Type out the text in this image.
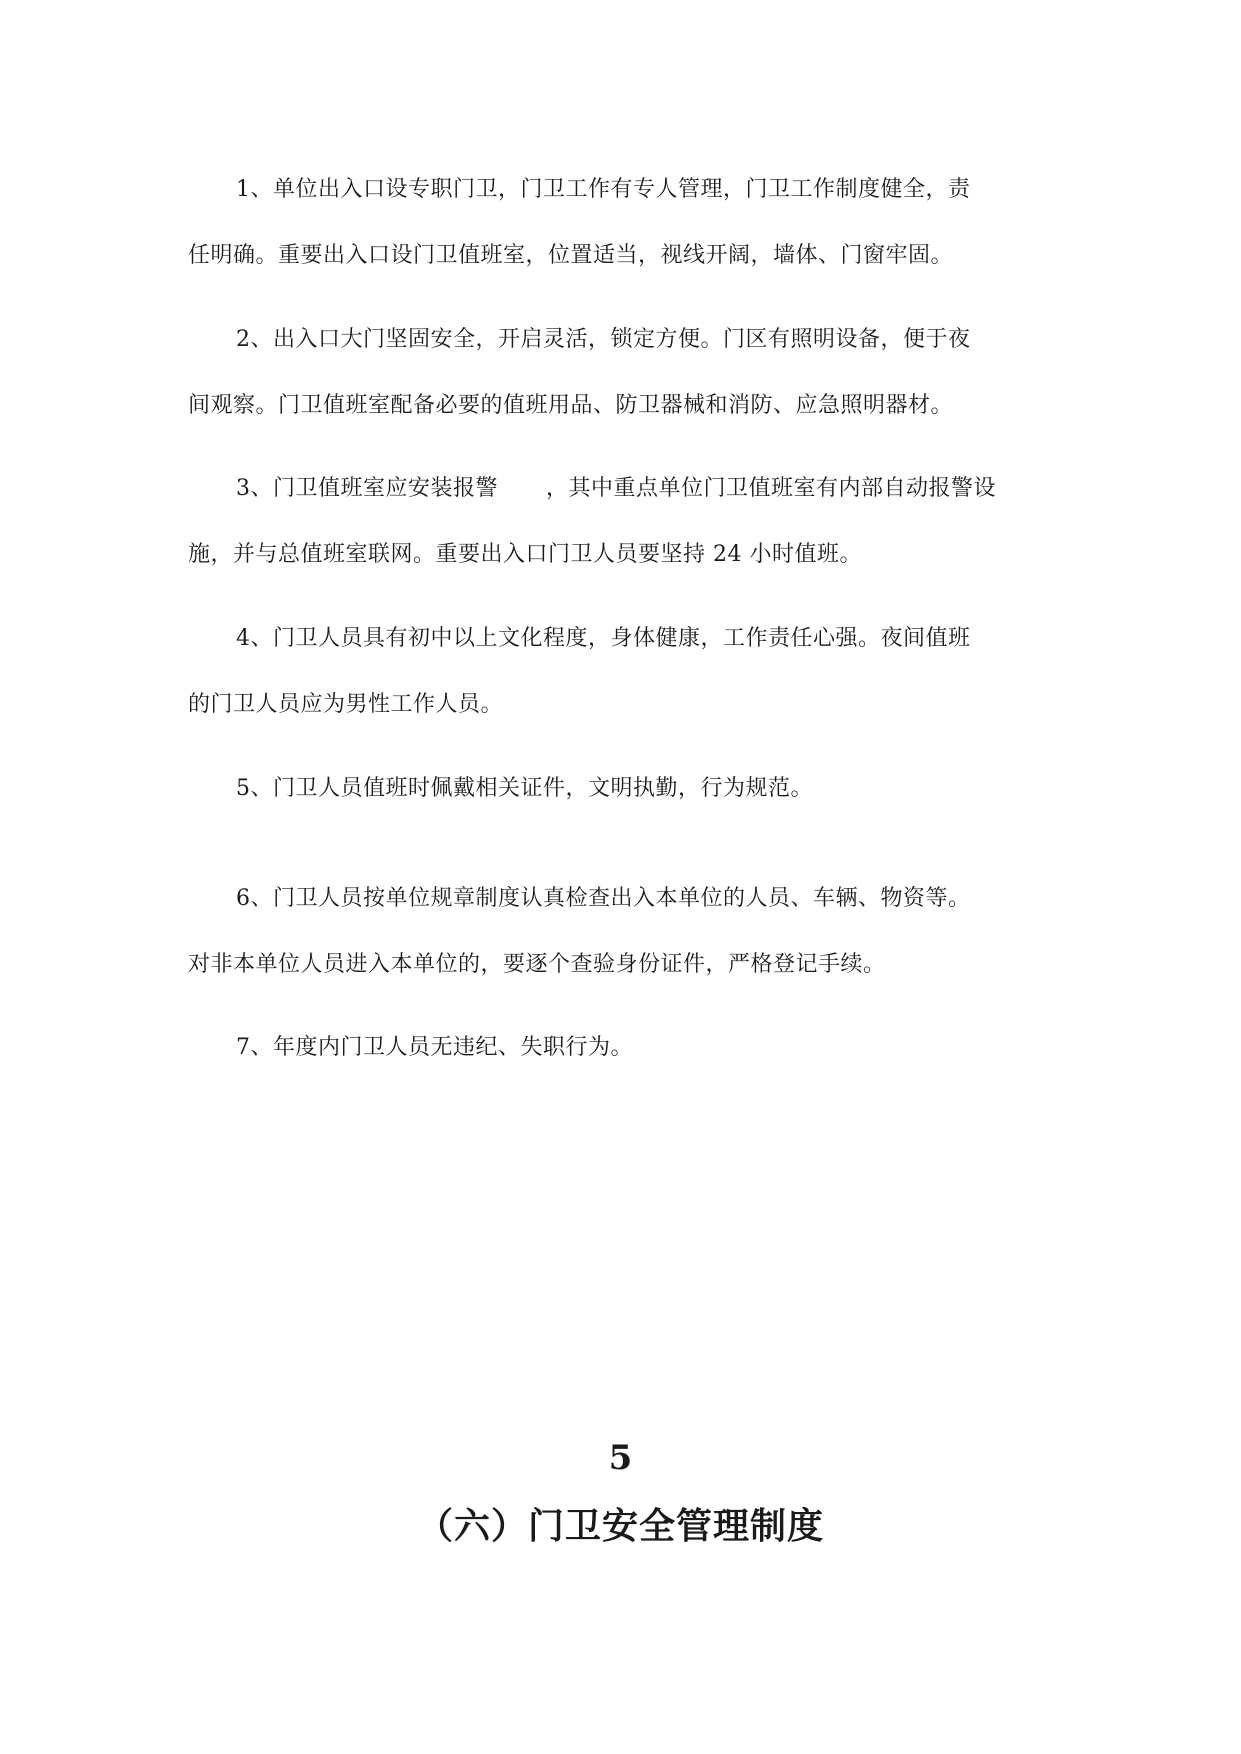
1、单位出入口设专职门卫，门卫工作有专人管理，门卫工作制度健全，责
任明确。重要出入口设门卫值班室，位置适当，视线开阔，墙体、门窗牢固。
2、出入口大门坚固安全，开启灵活，锁定方便。门区有照明设备，便于夜
间观察。门卫值班室配备必要的值班用品、防卫器械和消防、应急照明器材。
3、门卫值班室应安装报警 ，其中重点单位门卫值班室有内部自动报警设
施，并与总值班室联网。重要出入口门卫人员要坚持 24 小时值班。
4、门卫人员具有初中以上文化程度，身体健康，工作责任心强。夜间值班
的门卫人员应为男性工作人员。
5、门卫人员值班时佩戴相关证件，文明执勤，行为规范。
6、门卫人员按单位规章制度认真检查出入本单位的人员、车辆、物资等。
对非本单位人员进入本单位的，要逐个查验身份证件，严格登记手续。
7、年度内门卫人员无违纪、失职行为。

5

（六）门卫安全管理制度
